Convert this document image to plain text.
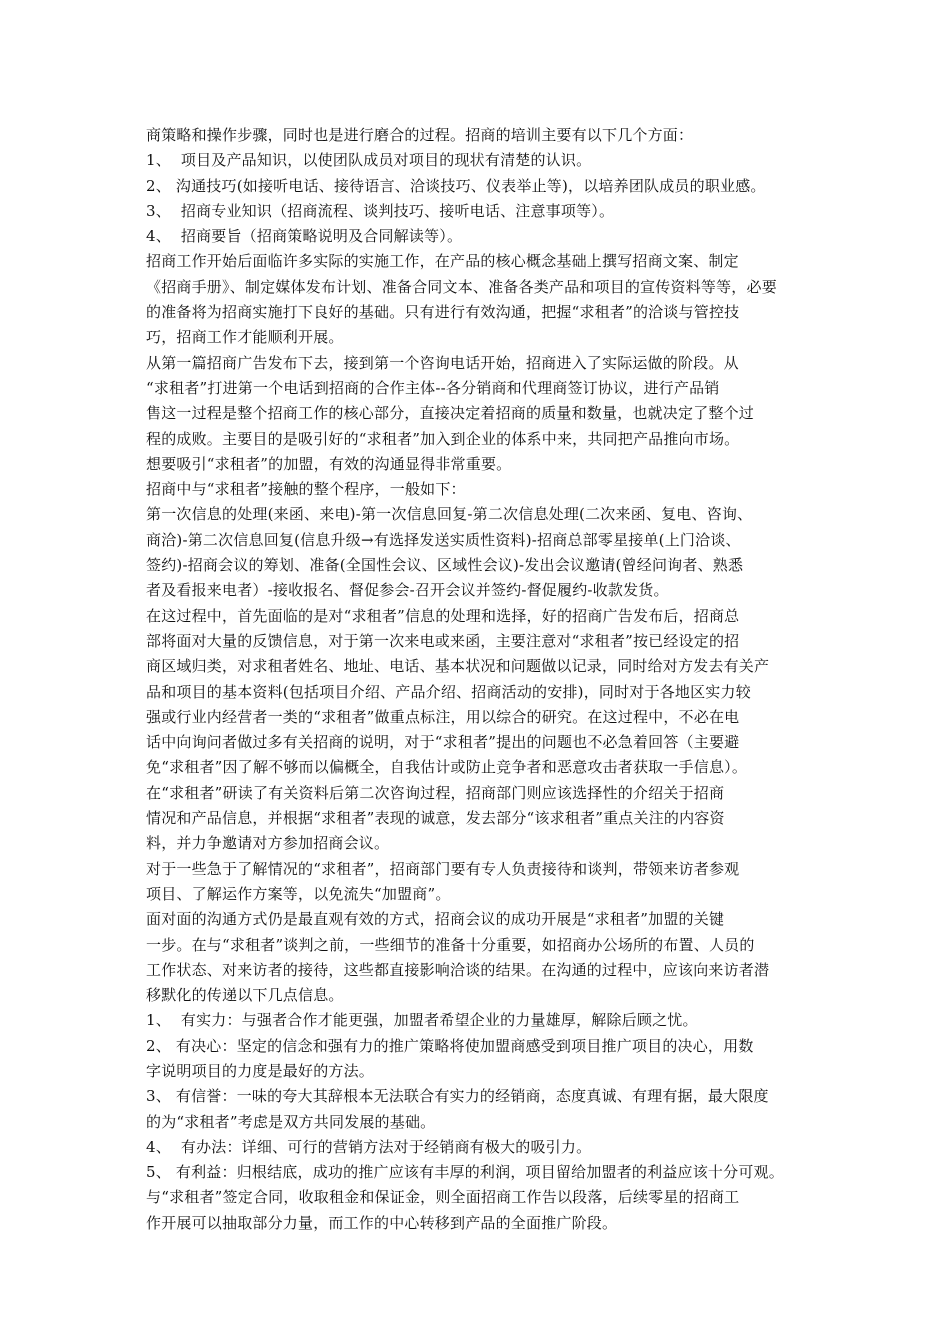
商策略和操作步骤，同时也是进行磨合的过程。招商的培训主要有以下几个方面：
1、  项目及产品知识，以使团队成员对项目的现状有清楚的认识。
2、 沟通技巧(如接听电话、接待语言、洽谈技巧、仪表举止等)，以培养团队成员的职业感。
3、  招商专业知识（招商流程、谈判技巧、接听电话、注意事项等）。
4、  招商要旨（招商策略说明及合同解读等）。
招商工作开始后面临许多实际的实施工作，在产品的核心概念基础上撰写招商文案、制定
《招商手册》、制定媒体发布计划、准备合同文本、准备各类产品和项目的宣传资料等等，必要
的准备将为招商实施打下良好的基础。只有进行有效沟通，把握“求租者”的洽谈与管控技
巧，招商工作才能顺利开展。
从第一篇招商广告发布下去，接到第一个咨询电话开始，招商进入了实际运做的阶段。从
“求租者”打进第一个电话到招商的合作主体--各分销商和代理商签订协议，进行产品销
售这一过程是整个招商工作的核心部分，直接决定着招商的质量和数量，也就决定了整个过
程的成败。主要目的是吸引好的“求租者”加入到企业的体系中来，共同把产品推向市场。
想要吸引“求租者”的加盟，有效的沟通显得非常重要。
招商中与“求租者”接触的整个程序，一般如下：
第一次信息的处理(来函、来电)-第一次信息回复-第二次信息处理(二次来函、复电、咨询、
商洽)-第二次信息回复(信息升级→有选择发送实质性资料)-招商总部零星接单(上门洽谈、
签约)-招商会议的筹划、准备(全国性会议、区域性会议)-发出会议邀请(曾经问询者、熟悉
者及看报来电者）-接收报名、督促参会-召开会议并签约-督促履约-收款发货。
在这过程中，首先面临的是对“求租者”信息的处理和选择，好的招商广告发布后，招商总
部将面对大量的反馈信息，对于第一次来电或来函，主要注意对“求租者”按已经设定的招
商区域归类，对求租者姓名、地址、电话、基本状况和问题做以记录，同时给对方发去有关产
品和项目的基本资料(包括项目介绍、产品介绍、招商活动的安排)，同时对于各地区实力较
强或行业内经营者一类的“求租者”做重点标注，用以综合的研究。在这过程中，不必在电
话中向询问者做过多有关招商的说明，对于“求租者”提出的问题也不必急着回答（主要避
免“求租者”因了解不够而以偏概全，自我估计或防止竞争者和恶意攻击者获取一手信息）。
在“求租者”研读了有关资料后第二次咨询过程，招商部门则应该选择性的介绍关于招商
情况和产品信息，并根据“求租者”表现的诚意，发去部分“该求租者”重点关注的内容资
料，并力争邀请对方参加招商会议。
对于一些急于了解情况的“求租者”，招商部门要有专人负责接待和谈判，带领来访者参观
项目、了解运作方案等，以免流失“加盟商”。
面对面的沟通方式仍是最直观有效的方式，招商会议的成功开展是“求租者”加盟的关键
一步。在与“求租者”谈判之前，一些细节的准备十分重要，如招商办公场所的布置、人员的
工作状态、对来访者的接待，这些都直接影响洽谈的结果。在沟通的过程中，应该向来访者潜
移默化的传递以下几点信息。
1、  有实力：与强者合作才能更强，加盟者希望企业的力量雄厚，解除后顾之忧。
2、 有决心：坚定的信念和强有力的推广策略将使加盟商感受到项目推广项目的决心，用数
字说明项目的力度是最好的方法。
3、 有信誉：一味的夸大其辞根本无法联合有实力的经销商，态度真诚、有理有据，最大限度
的为“求租者”考虑是双方共同发展的基础。
4、  有办法：详细、可行的营销方法对于经销商有极大的吸引力。
5、 有利益：归根结底，成功的推广应该有丰厚的利润，项目留给加盟者的利益应该十分可观。
与“求租者”签定合同，收取租金和保证金，则全面招商工作告以段落，后续零星的招商工
作开展可以抽取部分力量，而工作的中心转移到产品的全面推广阶段。
